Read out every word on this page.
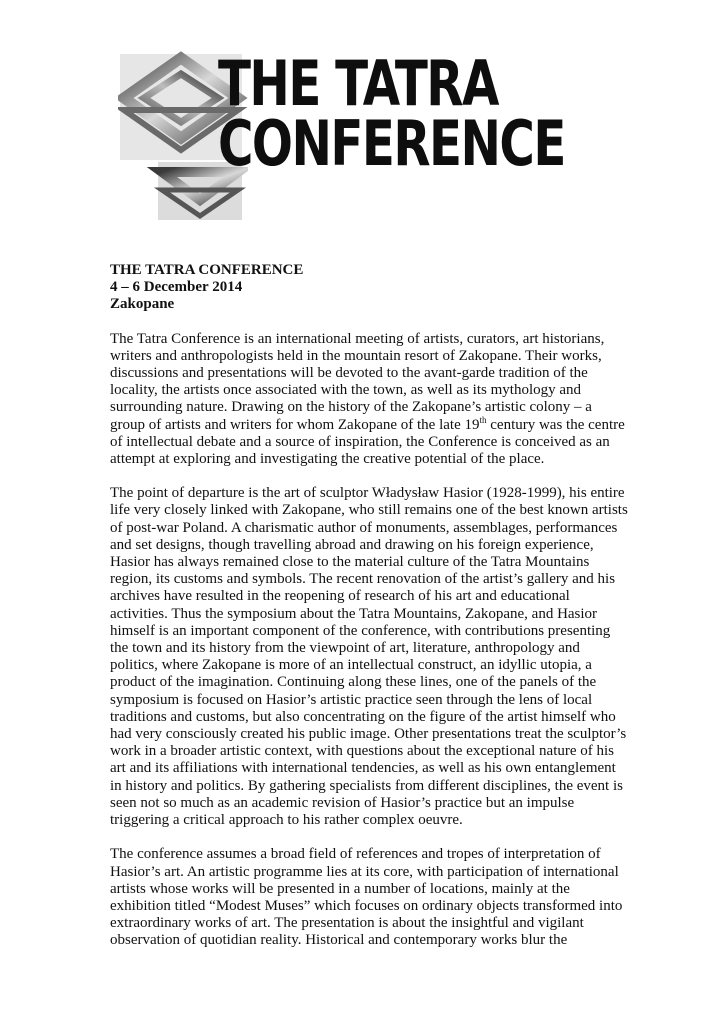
THE TATRA
CONFERENCE
THE TATRA CONFERENCE
4 – 6 December 2014
Zakopane

The Tatra Conference is an international meeting of artists, curators, art historians, writers and anthropologists held in the mountain resort of Zakopane. Their works, discussions and presentations will be devoted to the avant-garde tradition of the locality, the artists once associated with the town, as well as its mythology and surrounding nature. Drawing on the history of the Zakopane’s artistic colony – a group of artists and writers for whom Zakopane of the late 19th century was the centre of intellectual debate and a source of inspiration, the Conference is conceived as an attempt at exploring and investigating the creative potential of the place.

The point of departure is the art of sculptor Władysław Hasior (1928-1999), his entire life very closely linked with Zakopane, who still remains one of the best known artists of post-war Poland. A charismatic author of monuments, assemblages, performances and set designs, though travelling abroad and drawing on his foreign experience, Hasior has always remained close to the material culture of the Tatra Mountains region, its customs and symbols. The recent renovation of the artist’s gallery and his archives have resulted in the reopening of research of his art and educational activities. Thus the symposium about the Tatra Mountains, Zakopane, and Hasior himself is an important component of the conference, with contributions presenting the town and its history from the viewpoint of art, literature, anthropology and politics, where Zakopane is more of an intellectual construct, an idyllic utopia, a product of the imagination. Continuing along these lines, one of the panels of the symposium is focused on Hasior’s artistic practice seen through the lens of local traditions and customs, but also concentrating on the figure of the artist himself who had very consciously created his public image. Other presentations treat the sculptor’s work in a broader artistic context, with questions about the exceptional nature of his art and its affiliations with international tendencies, as well as his own entanglement in history and politics. By gathering specialists from different disciplines, the event is seen not so much as an academic revision of Hasior’s practice but an impulse triggering a critical approach to his rather complex oeuvre.

The conference assumes a broad field of references and tropes of interpretation of Hasior’s art. An artistic programme lies at its core, with participation of international artists whose works will be presented in a number of locations, mainly at the exhibition titled “Modest Muses” which focuses on ordinary objects transformed into extraordinary works of art. The presentation is about the insightful and vigilant observation of quotidian reality. Historical and contemporary works blur the
